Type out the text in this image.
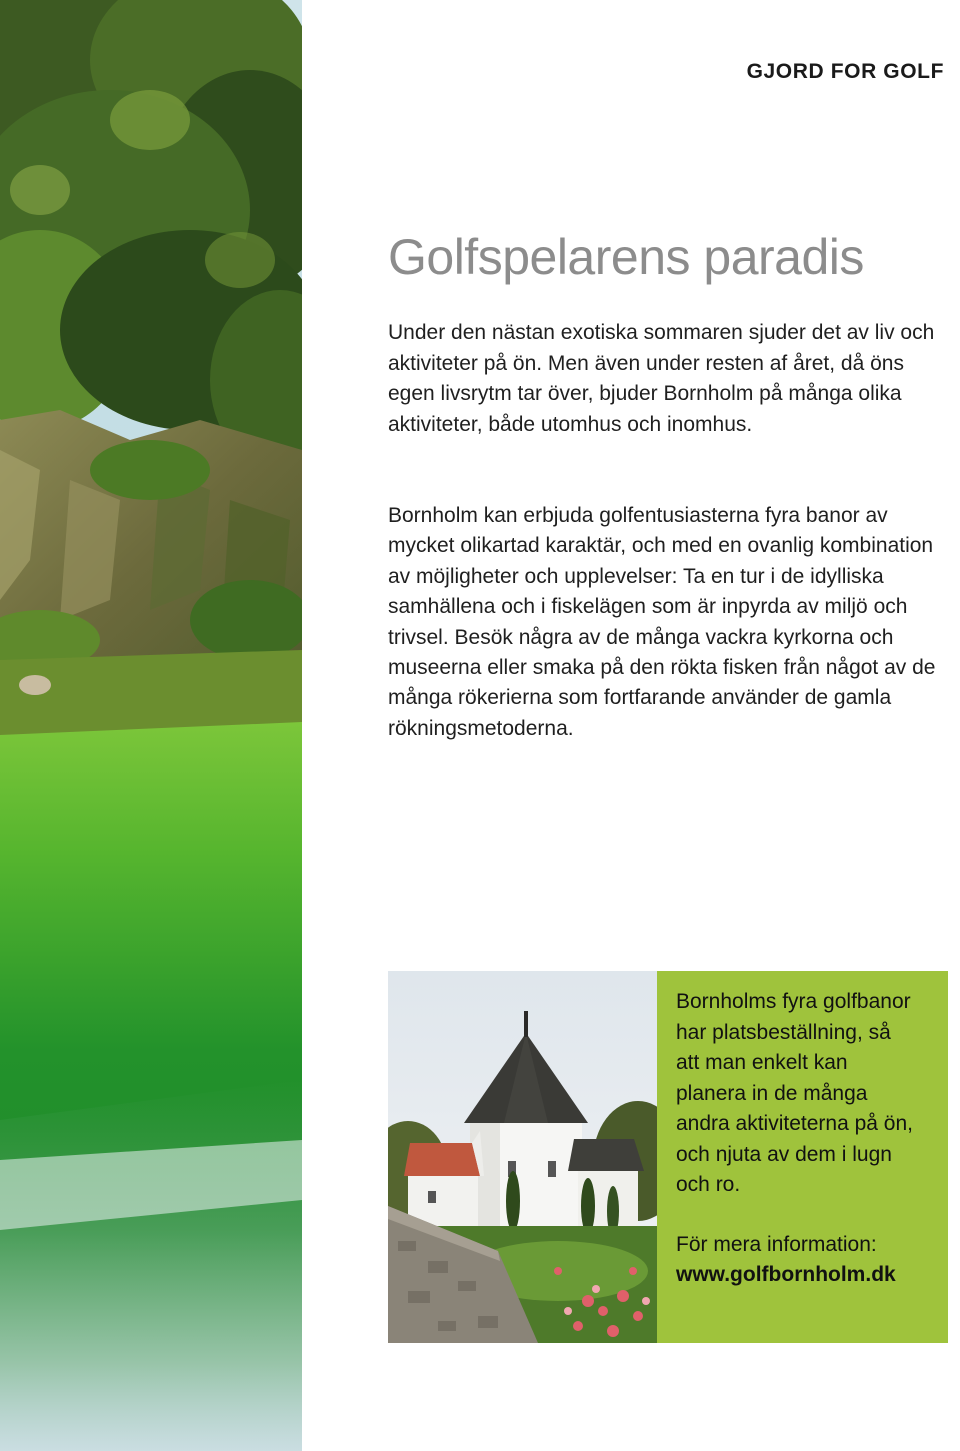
GJORD FOR GOLF
Golfspelarens paradis

Under den nästan exotiska sommaren sjuder det av liv och aktiviteter på ön. Men även under resten af året, då öns egen livsrytm tar över, bjuder Bornholm på många olika aktiviteter, både utomhus och inomhus.

Bornholm kan erbjuda golfentusiasterna fyra banor av mycket olikartad karaktär, och med en ovanlig kombination av möjligheter och upplevelser: Ta en tur i de idylliska samhällena och i fiskelägen som är inpyrda av miljö och trivsel. Besök några av de många vackra kyrkorna och museerna eller smaka på den rökta fisken från något av de många rökerierna som fortfarande använder de gamla rökningsmetoderna.

Bornholms fyra golfbanor har platsbeställning, så att man enkelt kan planera in de många andra aktiviteterna på ön, och njuta av dem i lugn och ro.

För mera information:
www.golfbornholm.dk
